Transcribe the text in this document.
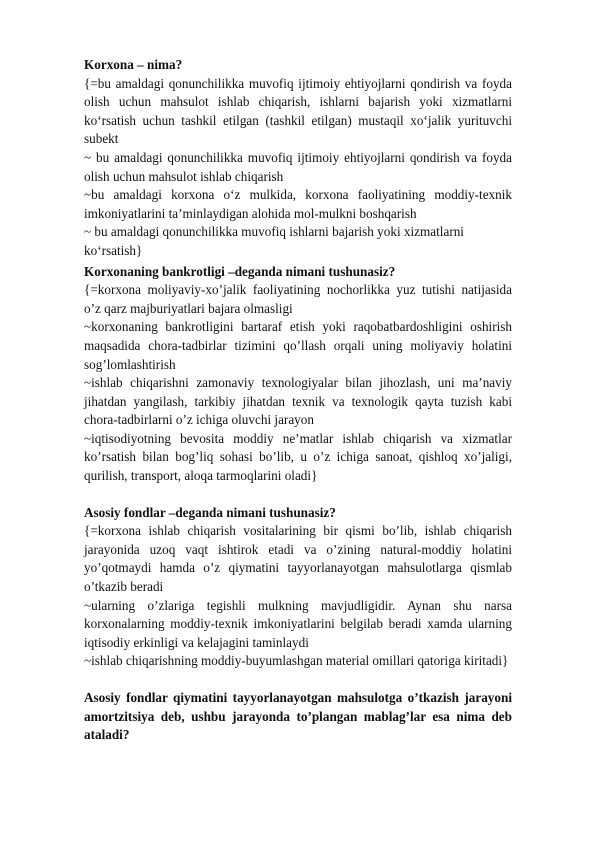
Korxona – nima?

{=bu amaldagi qonunchilikka muvofiq ijtimoiy ehtiyojlarni qondirish va foyda olish uchun mahsulot ishlab chiqarish, ishlarni bajarish yoki xizmatlarni koʻrsatish uchun tashkil etilgan (tashkil etilgan) mustaqil xoʻjalik yurituvchi subekt

~ bu amaldagi qonunchilikka muvofiq ijtimoiy ehtiyojlarni qondirish va foyda olish uchun mahsulot ishlab chiqarish

~bu amaldagi korxona oʻz mulkida, korxona faoliyatining moddiy-texnik imkoniyatlarini ta’minlaydigan alohida mol-mulkni boshqarish

~ bu amaldagi qonunchilikka muvofiq ishlarni bajarish yoki xizmatlarni koʻrsatish}

Korxonaning bankrotligi –deganda nimani tushunasiz?

{=korxona moliyaviy-xo’jalik faoliyatining nochorlikka yuz tutishi natijasida o’z qarz majburiyatlari bajara olmasligi

~korxonaning bankrotligini bartaraf etish yoki raqobatbardoshligini oshirish maqsadida chora-tadbirlar tizimini qo’llash orqali uning moliyaviy holatini sog’lomlashtirish

~ishlab chiqarishni zamonaviy texnologiyalar bilan jihozlash, uni ma’naviy jihatdan yangilash, tarkibiy jihatdan texnik va texnologik qayta tuzish kabi chora-tadbirlarni o’z ichiga oluvchi jarayon

~iqtisodiyotning bevosita moddiy ne’matlar ishlab chiqarish va xizmatlar ko’rsatish bilan bog’liq sohasi bo’lib, u o’z ichiga sanoat, qishloq xo’jaligi, qurilish, transport, aloqa tarmoqlarini oladi}

Asosiy fondlar –deganda nimani tushunasiz?

{=korxona ishlab chiqarish vositalarining bir qismi bo’lib, ishlab chiqarish jarayonida uzoq vaqt ishtirok etadi va o’zining natural-moddiy holatini yo’qotmaydi hamda o’z qiymatini tayyorlanayotgan mahsulotlarga qismlab o’tkazib beradi

~ularning o’zlariga tegishli mulkning mavjudligidir. Aynan shu narsa korxonalarning moddiy-texnik imkoniyatlarini belgilab beradi xamda ularning iqtisodiy erkinligi va kelajagini taminlaydi

~ishlab chiqarishning moddiy-buyumlashgan material omillari qatoriga kiritadi}

Asosiy fondlar qiymatini tayyorlanayotgan mahsulotga o’tkazish jarayoni amortzitsiya deb, ushbu jarayonda to’plangan mablag’lar esa nima deb ataladi?
